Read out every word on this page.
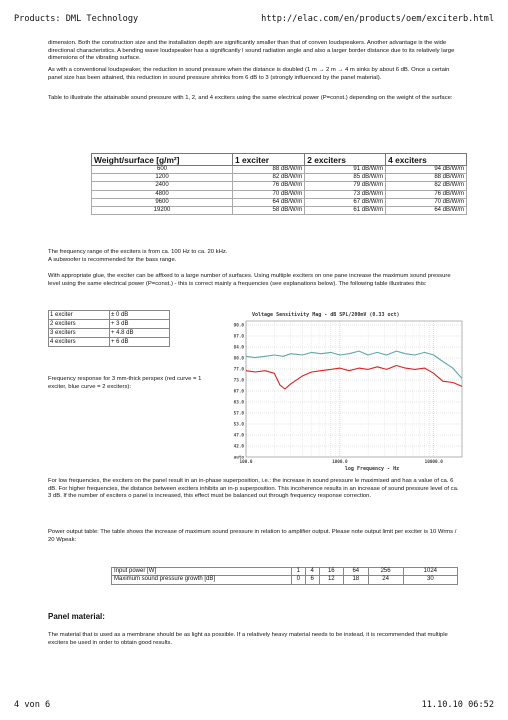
Products: DML Technology	http://elac.com/en/products/oem/exciterb.html
dimension. Both the construction size and the installation depth are significantly smaller than that of conven loudspeakers. Another advantage is the wide directional characteristics. A bending wave loudspeaker has a significantly l sound radiation angle and also a larger border distance due to its relatively large dimensions of the vibrating surface.
As with a conventional loudspeaker, the reduction in sound pressure when the distance is doubled (1 m → 2 m → 4 m sinks by about 6 dB. Once a certain panel size has been attained, this reduction in sound pressure shrinks from 6 dB to 3 (strongly influenced by the panel material).
Table to illustrate the attainable sound pressure with 1, 2, and 4 exciters using the same electrical power (P=const.) depending on the weight of the surface:
Weight/surface [g/m²]	1 exciter	2 exciters	4 exciters
600	88 dB/W/m	91 dB/W/m	94 dB/W/m
1200	82 dB/W/m	85 dB/W/m	88 dB/W/m
2400	76 dB/W/m	79 dB/W/m	82 dB/W/m
4800	70 dB/W/m	73 dB/W/m	76 dB/W/m
9600	64 dB/W/m	67 dB/W/m	70 dB/W/m
19200	58 dB/W/m	61 dB/W/m	64 dB/W/m
The frequency range of the exciters is from ca. 100 Hz to ca. 20 kHz.
A subwoofer is recommended for the bass range.
With appropriate glue, the exciter can be affixed to a large number of surfaces. Using multiple exciters on one pane increase the maximum sound pressure level using the same electrical power (P=const.) - this is correct mainly a frequencies (see explanations below). The following table illustrates this:
1 exciter	± 0 dB
2 exciters	+ 3 dB
3 exciters	+ 4.8 dB
4 exciters	+ 6 dB
Frequency response for 3 mm-thick perspex (red curve = 1 exciter, blue curve = 2 exciters):
Voltage Sensitivity Mag - dB SPL/200mV (0.33 oct)
90.0
87.0
84.0
80.0
77.0
73.0
67.0
63.0
57.0
53.0
47.0
42.0
auto
100.0	1000.0	10000.0
log Frequency - Hz
For low frequencies, the exciters on the panel result in an in-phase superposition, i.e.: the increase in sound pressure le maximised and has a value of ca. 6 dB. For higher frequencies, the distance between exciters inhibits an in-p superposition. This incoherence results in an increase of sound pressure level of ca. 3 dB. If the number of exciters o panel is increased, this effect must be balanced out through frequency response correction.
Power output table: The table shows the increase of maximum sound pressure in relation to amplifier output. Please note output limit per exciter is 10 Wrms / 20 Wpeak:
Input power [W]	1	4	16	64	256	1024
Maximum sound pressure growth [dB]	0	6	12	18	24	30
Panel material:
The material that is used as a membrane should be as light as possible. If a relatively heavy material needs to be instead, it is recommended that multiple exciters be used in order to obtain good results.
4 von 6	11.10.10 06:52
